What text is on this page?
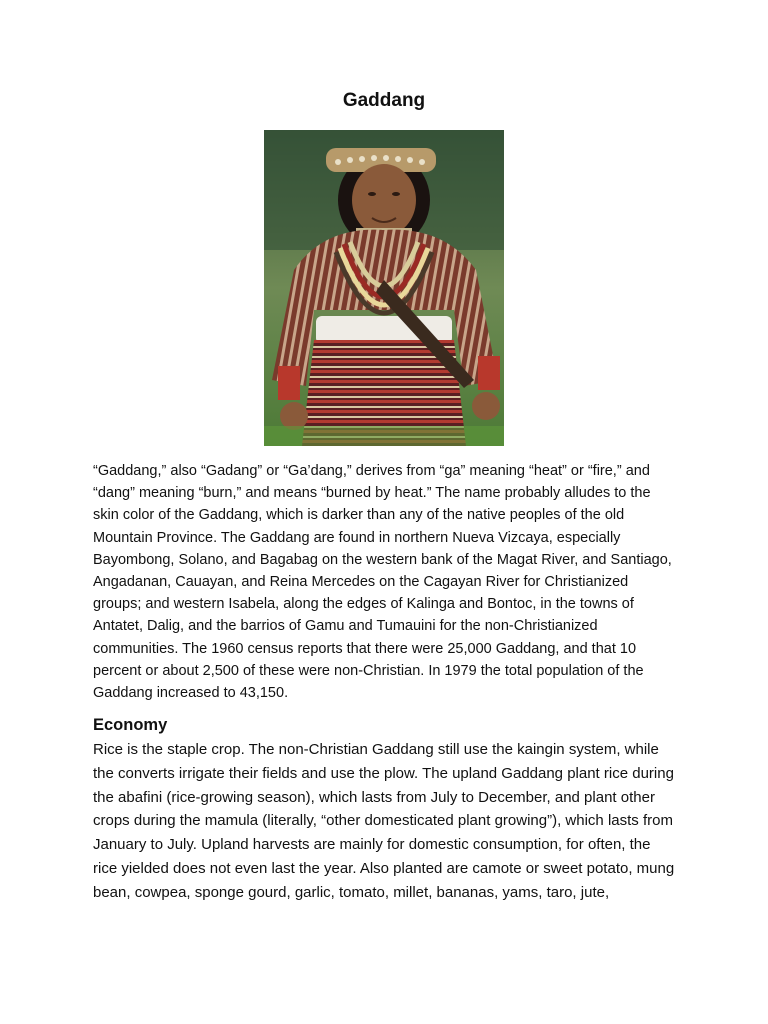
Gaddang

“Gaddang,” also “Gadang” or “Ga’dang,” derives from “ga” meaning “heat” or “fire,” and “dang” meaning “burn,” and means “burned by heat.” The name probably alludes to the skin color of the Gaddang, which is darker than any of the native peoples of the old Mountain Province. The Gaddang are found in northern Nueva Vizcaya, especially Bayombong, Solano, and Bagabag on the western bank of the Magat River, and Santiago, Angadanan, Cauayan, and Reina Mercedes on the Cagayan River for Christianized groups; and western Isabela, along the edges of Kalinga and Bontoc, in the towns of Antatet, Dalig, and the barrios of Gamu and Tumauini for the non-Christianized communities. The 1960 census reports that there were 25,000 Gaddang, and that 10 percent or about 2,500 of these were non-Christian. In 1979 the total population of the Gaddang increased to 43,150.

Economy

Rice is the staple crop. The non-Christian Gaddang still use the kaingin system, while the converts irrigate their fields and use the plow. The upland Gaddang plant rice during the abafini (rice-growing season), which lasts from July to December, and plant other crops during the mamula (literally, “other domesticated plant growing”), which lasts from January to July. Upland harvests are mainly for domestic consumption, for often, the rice yielded does not even last the year. Also planted are camote or sweet potato, mung bean, cowpea, sponge gourd, garlic, tomato, millet, bananas, yams, taro, jute,
